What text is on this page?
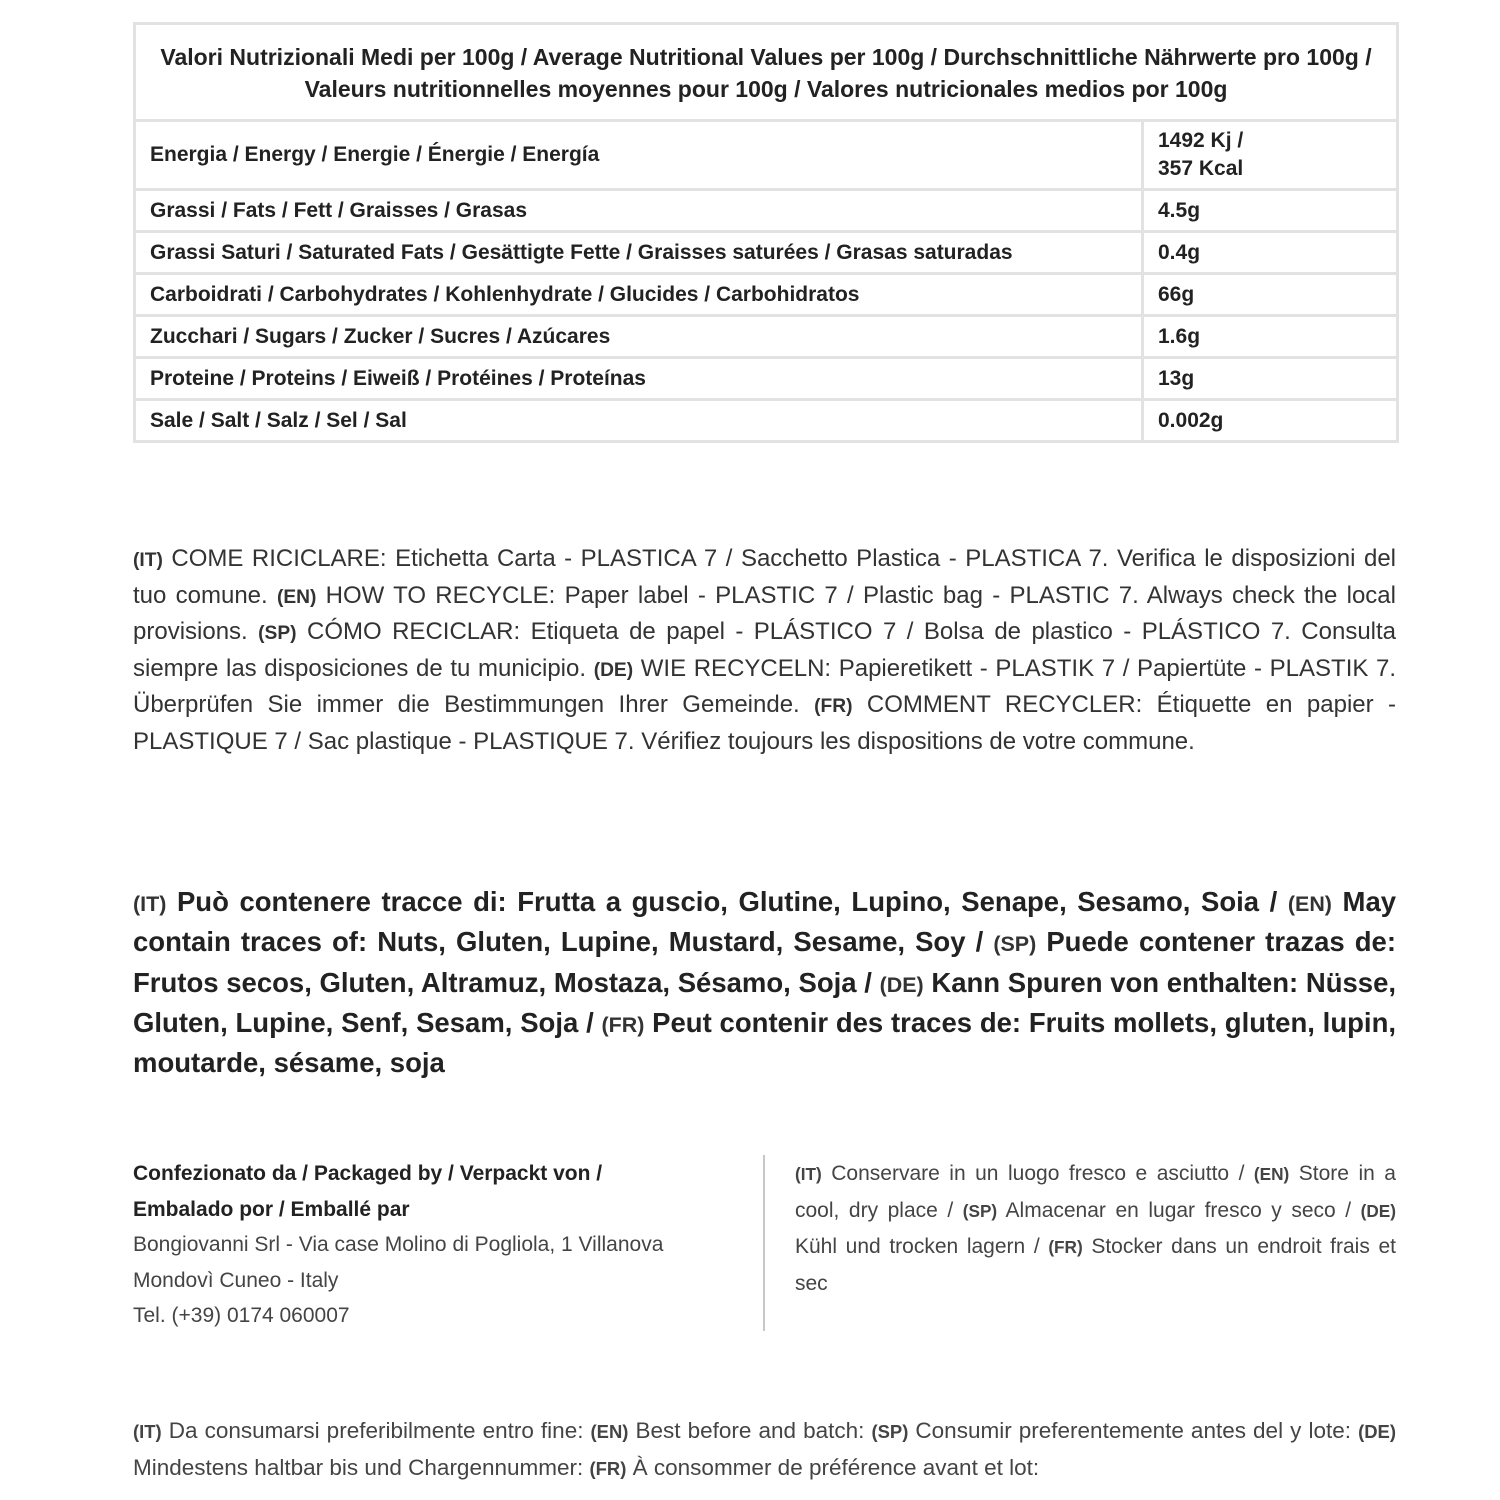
Valori Nutrizionali Medi per 100g / Average Nutritional Values per 100g / Durchschnittliche Nährwerte pro 100g / Valeurs nutritionnelles moyennes pour 100g / Valores nutricionales medios por 100g	
Energia / Energy / Energie / Énergie / Energía	1492 Kj /
357 Kcal

Grassi / Fats / Fett / Graisses / Grasas	4.5g
Grassi Saturi / Saturated Fats / Gesättigte Fette / Graisses saturées / Grasas saturadas	0.4g
Carboidrati / Carbohydrates / Kohlenhydrate / Glucides / Carbohidratos	66g
Zucchari / Sugars / Zucker / Sucres / Azúcares	1.6g
Proteine / Proteins / Eiweiß / Protéines / Proteínas	13g
Sale / Salt / Salz / Sel / Sal	0.002g

(IT) COME RICICLARE: Etichetta Carta - PLASTICA 7 / Sacchetto Plastica - PLASTICA 7. Verifica le disposizioni del tuo comune. (EN) HOW TO RECYCLE: Paper label - PLASTIC 7 / Plastic bag - PLASTIC 7. Always check the local provisions. (SP) CÓMO RECICLAR: Etiqueta de papel - PLÁSTICO 7 / Bolsa de plastico - PLÁSTICO 7. Consulta siempre las disposiciones de tu municipio. (DE) WIE RECYCELN: Papieretikett - PLASTIK 7 / Papiertüte - PLASTIK 7. Überprüfen Sie immer die Bestimmungen Ihrer Gemeinde. (FR) COMMENT RECYCLER: Étiquette en papier - PLASTIQUE 7 / Sac plastique - PLASTIQUE 7. Vérifiez toujours les dispositions de votre commune.

(IT) Può contenere tracce di: Frutta a guscio, Glutine, Lupino, Senape, Sesamo, Soia / (EN) May contain traces of: Nuts, Gluten, Lupine, Mustard, Sesame, Soy / (SP) Puede contener trazas de: Frutos secos, Gluten, Altramuz, Mostaza, Sésamo, Soja / (DE) Kann Spuren von enthalten: Nüsse, Gluten, Lupine, Senf, Sesam, Soja / (FR) Peut contenir des traces de: Fruits mollets, gluten, lupin, moutarde, sésame, soja

Confezionato da / Packaged by / Verpackt von /
Embalado por / Emballé par
Bongiovanni Srl - Via case Molino di Pogliola, 1 Villanova
Mondovì Cuneo - Italy
Tel. (+39) 0174 060007

(IT) Conservare in un luogo fresco e asciutto / (EN) Store in a cool, dry place / (SP) Almacenar en lugar fresco y seco / (DE) Kühl und trocken lagern / (FR) Stocker dans un endroit frais et sec

(IT) Da consumarsi preferibilmente entro fine: (EN) Best before and batch: (SP) Consumir preferentemente antes del y lote: (DE) Mindestens haltbar bis und Chargennummer: (FR) À consommer de préférence avant et lot:
